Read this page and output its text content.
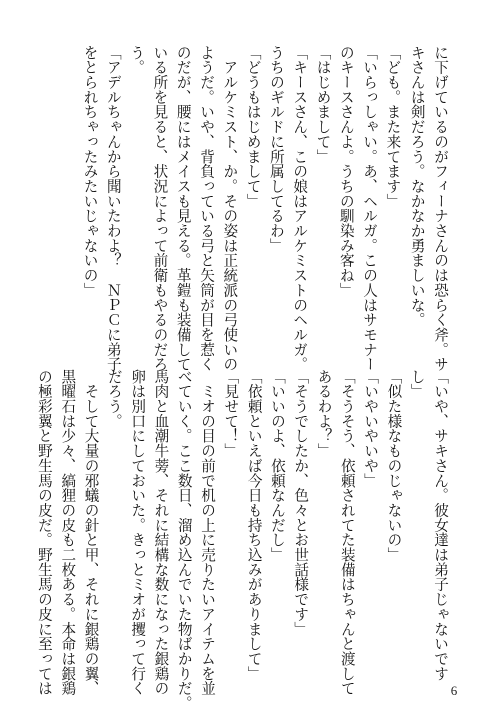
に下げているのがフィーナさんのは恐らく斧。サ
キさんは剣だろう。なかなか勇ましいな。
「ども。また来てます」
「いらっしゃい。あ、ヘルガ。この人はサモナー
のキースさんよ。うちの馴染み客ね」
「はじめまして」
「キースさん、この娘はアルケミストのヘルガ。
うちのギルドに所属してるわ」
「どうもはじめまして」
　アルケミスト、か。その姿は正統派の弓使いの
ようだ。いや、背負っている弓と矢筒が目を惹く
のだが、腰にはメイスも見える。革鎧も装備して
いる所を見ると、状況によって前衛もやるのだろ
う。
「アデルちゃんから聞いたわよ？　ＮＰＣに弟子
をとられちゃったみたいじゃないの」
「いや、サキさん。彼女達は弟子じゃないです
し」
「似た様なものじゃないの」
「いやいやいや」
「そうそう、依頼されてた装備はちゃんと渡して
あるわよ？」
「そうでしたか、色々とお世話様です」
「いいのよ、依頼なんだし」
「依頼といえば今日も持ち込みがありまして」
「見せて！」
　ミオの目の前で机の上に売りたいアイテムを並
べていく。ここ数日、溜め込んでいた物ばかりだ。
馬肉と血潮牛蒡、それに結構な数になった銀鶏の
卵は別口にしておいた。きっとミオが攫って行く
だろう。
　そして大量の邪蟻の針と甲、それに銀鶏の翼、
黒曜石は少々、縞狸の皮も二枚ある。本命は銀鶏
の極彩翼と野生馬の皮だ。野生馬の皮に至っては	6
